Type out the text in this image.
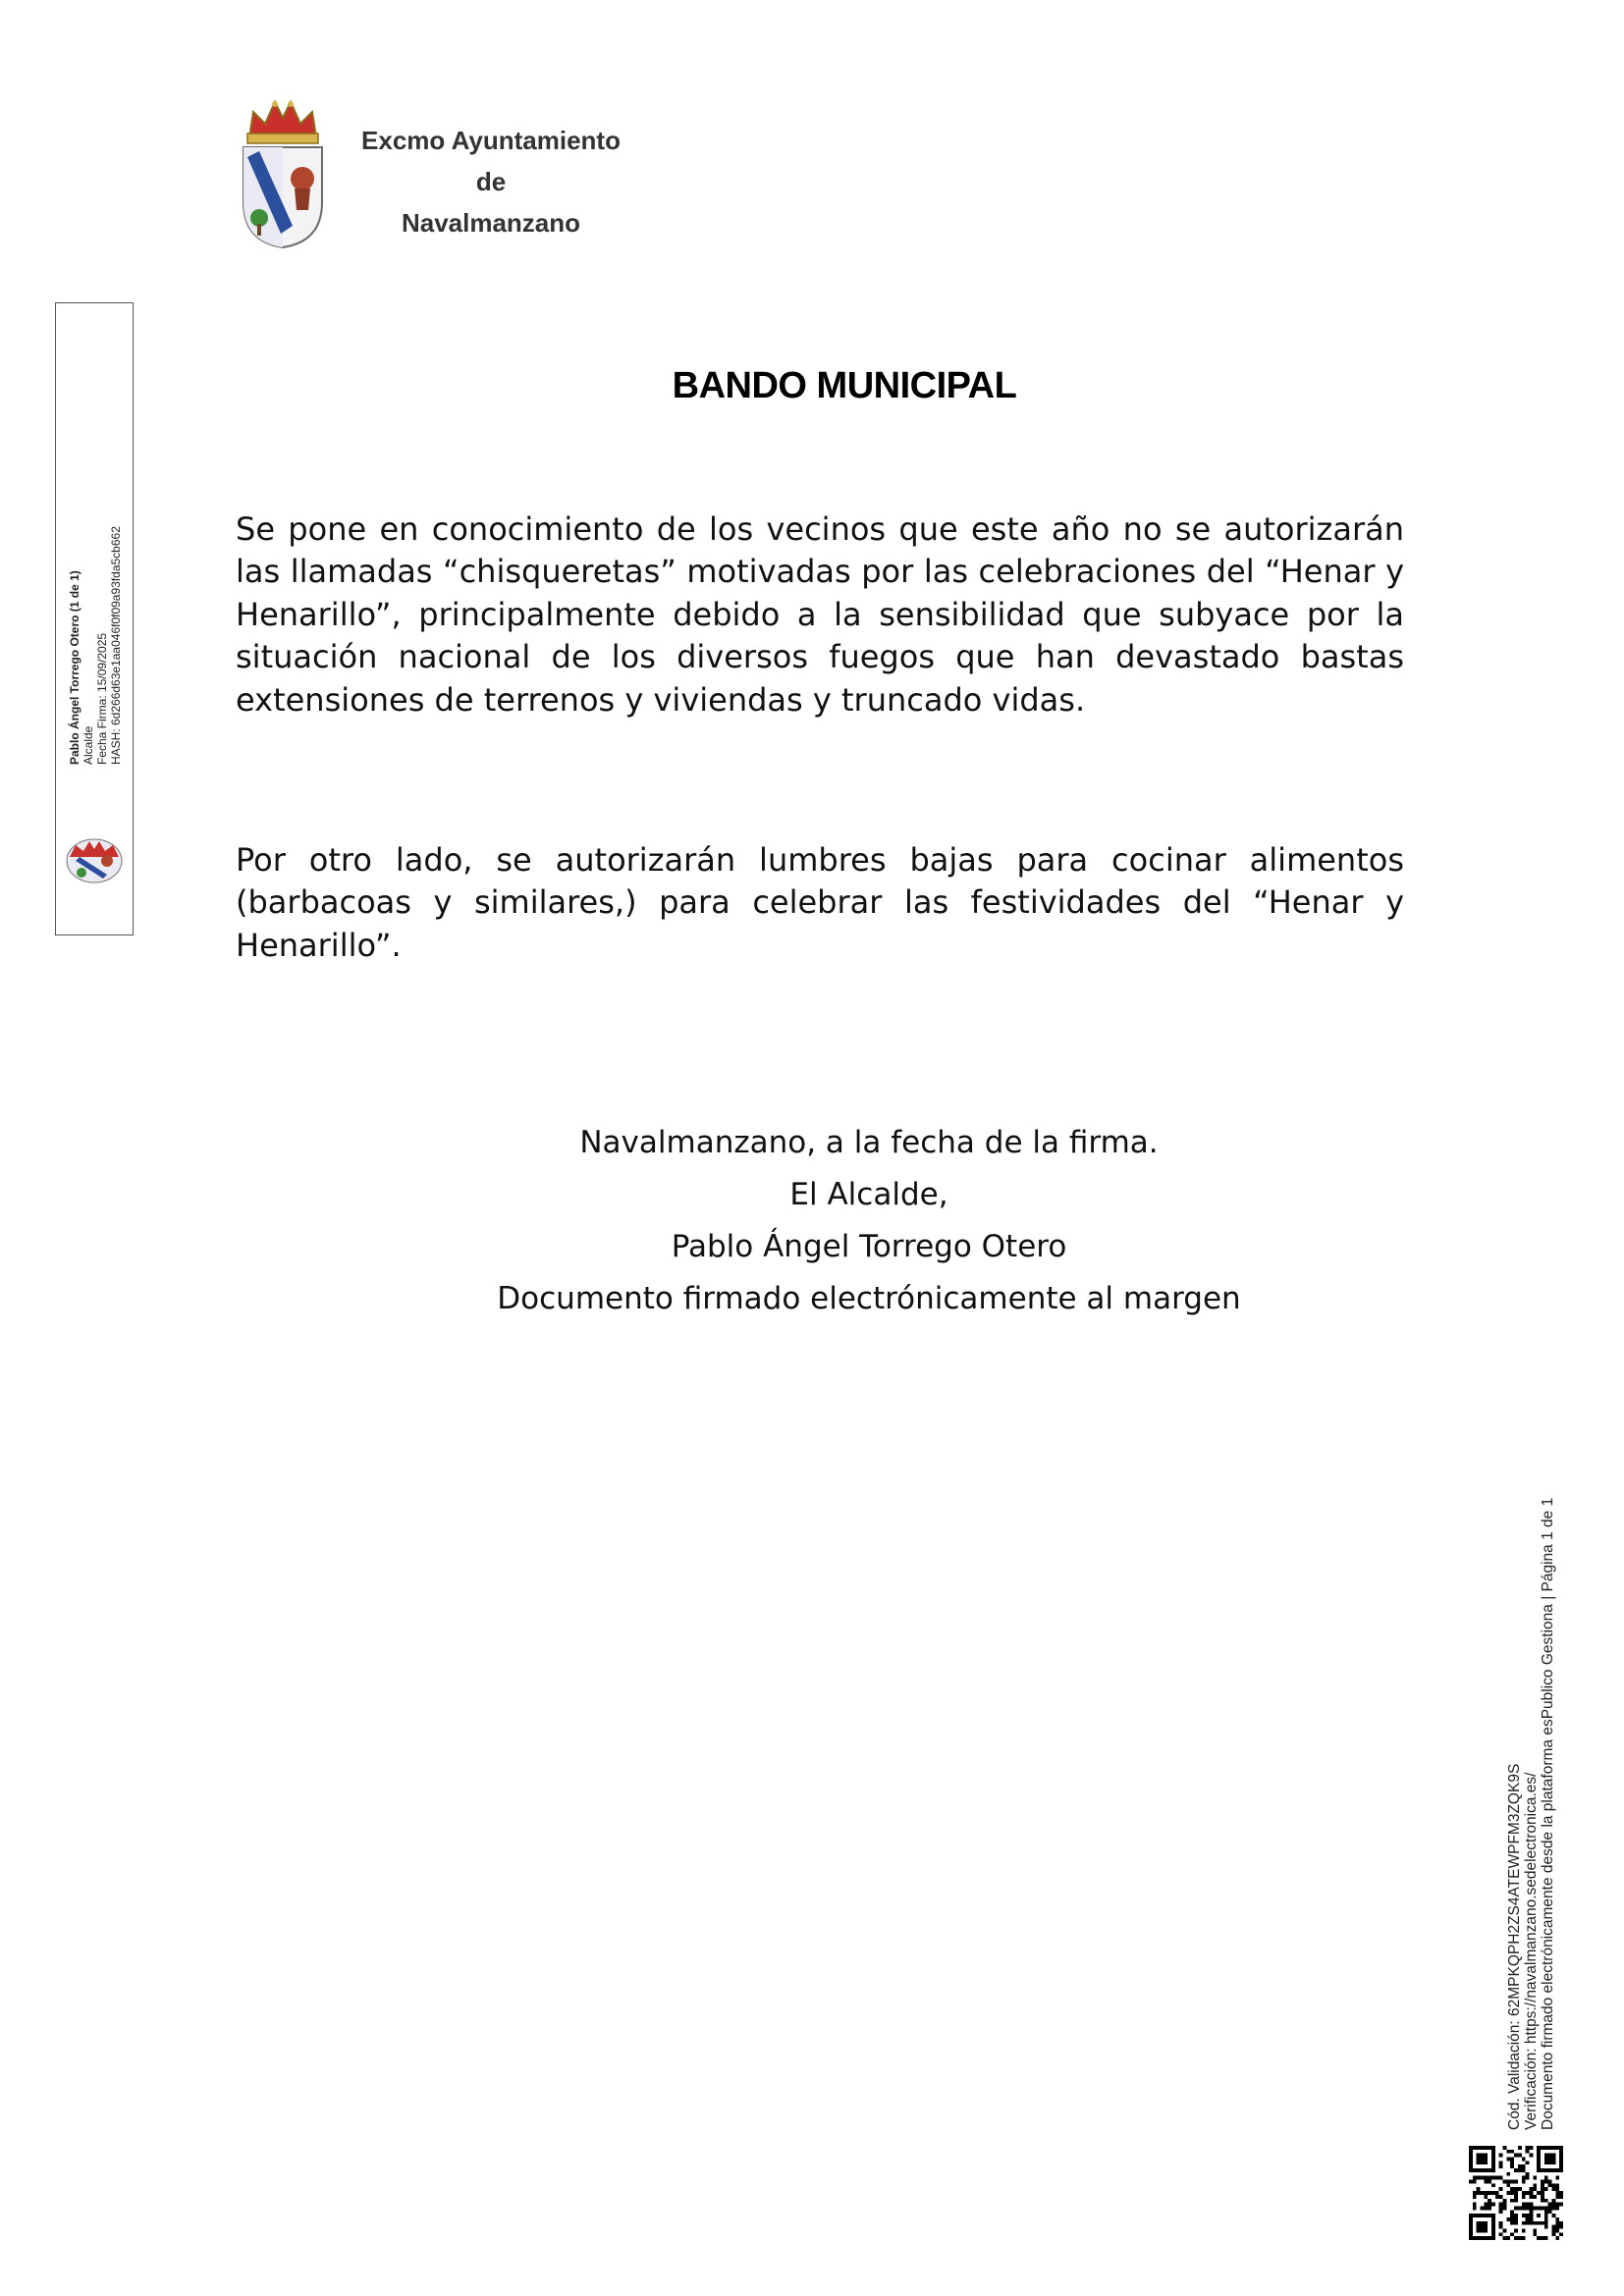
Excmo Ayuntamiento
de
Navalmanzano
Pablo Ángel Torrego Otero (1 de 1) Alcalde Fecha Firma: 15/09/2025 HASH: 6d266d63e1aa046f0f09a93fda5cb662
BANDO MUNICIPAL

Se pone en conocimiento de los vecinos que este año no se autorizarán las llamadas “chisqueretas” motivadas por las celebraciones del “Henar y Henarillo”, principalmente debido a la sensibilidad que subyace por la situación nacional de los diversos fuegos que han devastado bastas extensiones de terrenos y viviendas y truncado vidas.

Por otro lado, se autorizarán lumbres bajas para cocinar alimentos (barbacoas y similares,) para celebrar las festividades del “Henar y Henarillo”.

Navalmanzano, a la fecha de la firma.
El Alcalde,
Pablo Ángel Torrego Otero
Documento firmado electrónicamente al margen
Cód. Validación: 62MPKQPH2ZS4ATEWPFM3ZQK9S Verificación: https://navalmanzano.sedelectronica.es/ Documento firmado electrónicamente desde la plataforma esPublico Gestiona | Página 1 de 1
